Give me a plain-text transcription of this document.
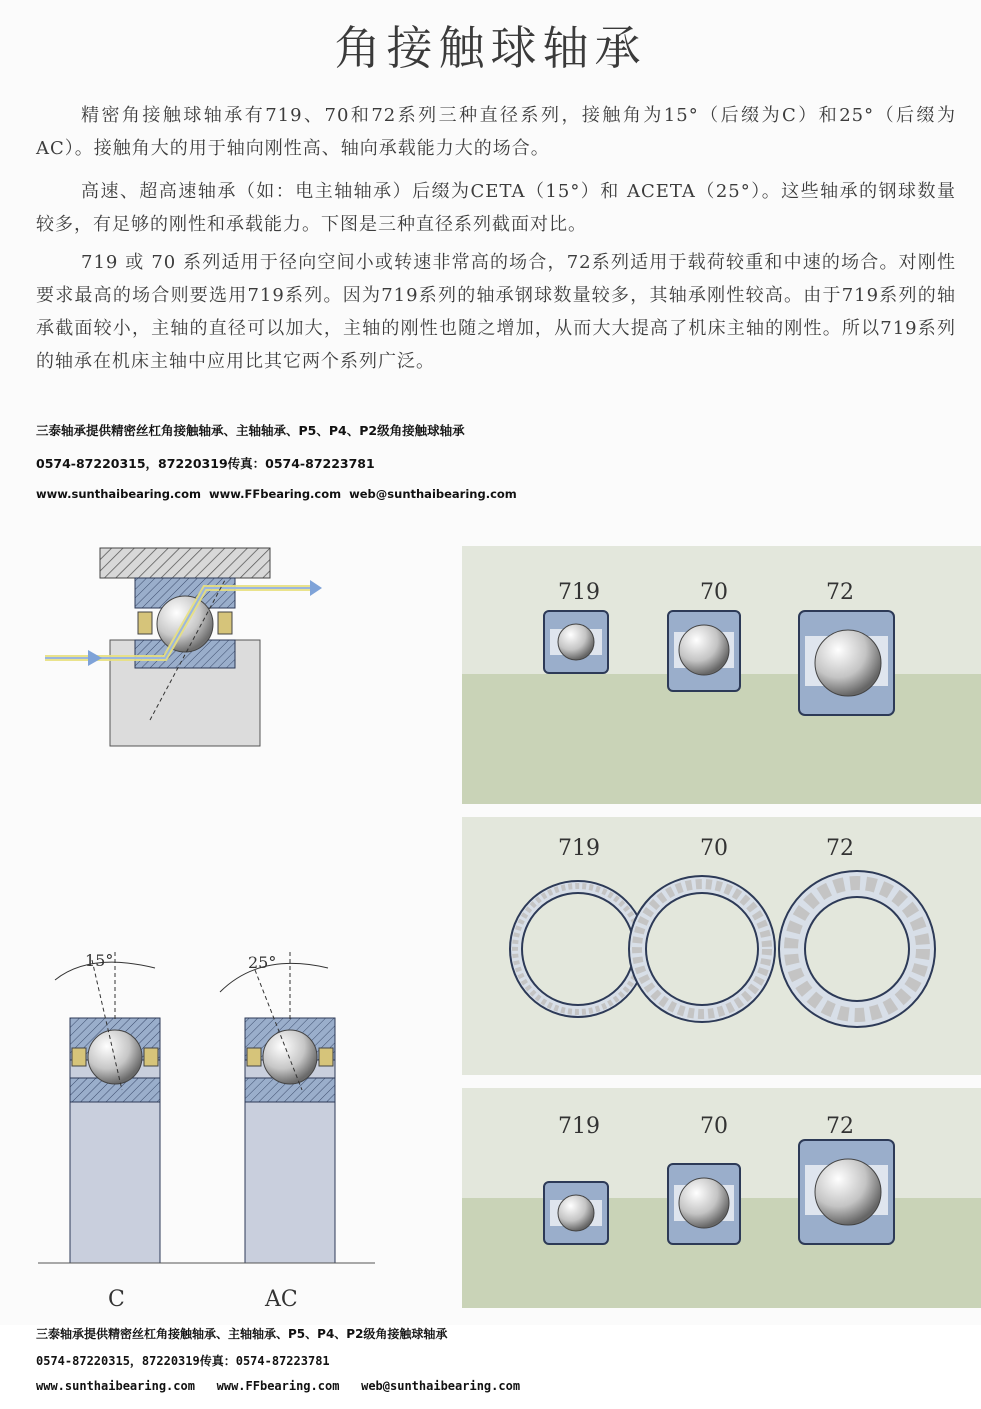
角接触球轴承
精密角接触球轴承有719、70和72系列三种直径系列，接触角为15°（后缀为C）和25°（后缀为AC）。接触角大的用于轴向刚性高、轴向承载能力大的场合。
高速、超高速轴承（如：电主轴轴承）后缀为CETA（15°）和 ACETA（25°）。这些轴承的钢球数量较多，有足够的刚性和承载能力。下图是三种直径系列截面对比。
719 或 70 系列适用于径向空间小或转速非常高的场合，72系列适用于载荷较重和中速的场合。对刚性要求最高的场合则要选用719系列。因为719系列的轴承钢球数量较多，其轴承刚性较高。由于719系列的轴承截面较小，主轴的直径可以加大，主轴的刚性也随之增加，从而大大提高了机床主轴的刚性。所以719系列的轴承在机床主轴中应用比其它两个系列广泛。
三泰轴承提供精密丝杠角接触轴承、主轴轴承、P5、P4、P2级角接触球轴承
0574-87220315，87220319传真：0574-87223781
www.sunthaibearing.com  www.FFbearing.com  web@sunthaibearing.com
15°	25°
C	AC
719	70	72
719	70	72
719	70	72
三泰轴承提供精密丝杠角接触轴承、主轴轴承、P5、P4、P2级角接触球轴承
0574-87220315，87220319传真：0574-87223781
www.sunthaibearing.com   www.FFbearing.com   web@sunthaibearing.com
